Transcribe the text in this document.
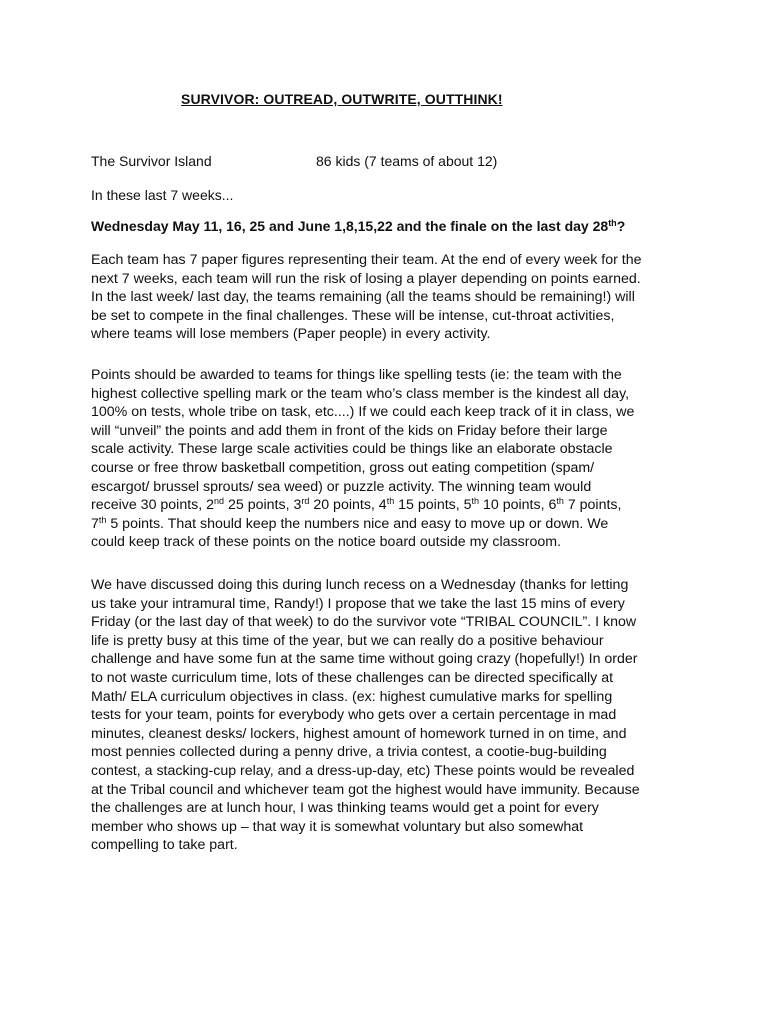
SURVIVOR: OUTREAD, OUTWRITE, OUTTHINK!
The Survivor Island	86 kids (7 teams of about 12)
In these last 7 weeks...
Wednesday May 11, 16, 25 and June 1,8,15,22 and the finale on the last day 28th?
Each team has 7 paper figures representing their team. At the end of every week for the
next 7 weeks, each team will run the risk of losing a player depending on points earned.
In the last week/ last day, the teams remaining (all the teams should be remaining!) will
be set to compete in the final challenges. These will be intense, cut-throat activities,
where teams will lose members (Paper people) in every activity.
Points should be awarded to teams for things like spelling tests (ie: the team with the
highest collective spelling mark or the team who’s class member is the kindest all day,
100% on tests, whole tribe on task, etc....) If we could each keep track of it in class, we
will “unveil” the points and add them in front of the kids on Friday before their large
scale activity. These large scale activities could be things like an elaborate obstacle
course or free throw basketball competition, gross out eating competition (spam/
escargot/ brussel sprouts/ sea weed) or puzzle activity. The winning team would
receive 30 points, 2nd 25 points, 3rd 20 points, 4th 15 points, 5th 10 points, 6th 7 points,
7th 5 points. That should keep the numbers nice and easy to move up or down. We
could keep track of these points on the notice board outside my classroom.
We have discussed doing this during lunch recess on a Wednesday (thanks for letting
us take your intramural time, Randy!) I propose that we take the last 15 mins of every
Friday (or the last day of that week) to do the survivor vote “TRIBAL COUNCIL”. I know
life is pretty busy at this time of the year, but we can really do a positive behaviour
challenge and have some fun at the same time without going crazy (hopefully!) In order
to not waste curriculum time, lots of these challenges can be directed specifically at
Math/ ELA curriculum objectives in class. (ex: highest cumulative marks for spelling
tests for your team, points for everybody who gets over a certain percentage in mad
minutes, cleanest desks/ lockers, highest amount of homework turned in on time, and
most pennies collected during a penny drive, a trivia contest, a cootie-bug-building
contest, a stacking-cup relay, and a dress-up-day, etc) These points would be revealed
at the Tribal council and whichever team got the highest would have immunity. Because
the challenges are at lunch hour, I was thinking teams would get a point for every
member who shows up – that way it is somewhat voluntary but also somewhat
compelling to take part.
